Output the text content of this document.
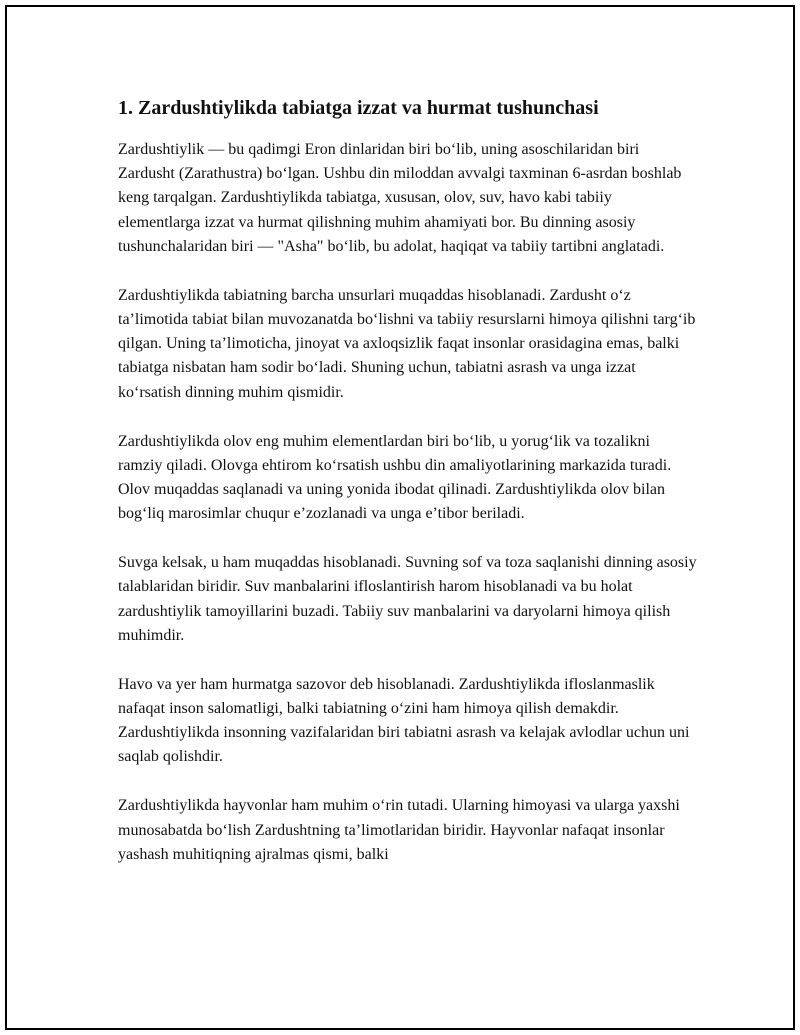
1. Zardushtiylikda tabiatga izzat va hurmat tushunchasi

Zardushtiylik — bu qadimgi Eron dinlaridan biri bo‘lib, uning asoschilaridan biri Zardusht (Zarathustra) bo‘lgan. Ushbu din miloddan avvalgi taxminan 6-asrdan boshlab keng tarqalgan. Zardushtiylikda tabiatga, xususan, olov, suv, havo kabi tabiiy elementlarga izzat va hurmat qilishning muhim ahamiyati bor. Bu dinning asosiy tushunchalaridan biri — "Asha" bo‘lib, bu adolat, haqiqat va tabiiy tartibni anglatadi.

Zardushtiylikda tabiatning barcha unsurlari muqaddas hisoblanadi. Zardusht o‘z ta’limotida tabiat bilan muvozanatda bo‘lishni va tabiiy resurslarni himoya qilishni targ‘ib qilgan. Uning ta’limoticha, jinoyat va axloqsizlik faqat insonlar orasidagina emas, balki tabiatga nisbatan ham sodir bo‘ladi. Shuning uchun, tabiatni asrash va unga izzat ko‘rsatish dinning muhim qismidir.

Zardushtiylikda olov eng muhim elementlardan biri bo‘lib, u yorug‘lik va tozalikni ramziy qiladi. Olovga ehtirom ko‘rsatish ushbu din amaliyotlarining markazida turadi. Olov muqaddas saqlanadi va uning yonida ibodat qilinadi. Zardushtiylikda olov bilan bog‘liq marosimlar chuqur e’zozlanadi va unga e’tibor beriladi.

Suvga kelsak, u ham muqaddas hisoblanadi. Suvning sof va toza saqlanishi dinning asosiy talablaridan biridir. Suv manbalarini ifloslantirish harom hisoblanadi va bu holat zardushtiylik tamoyillarini buzadi. Tabiiy suv manbalarini va daryolarni himoya qilish muhimdir.

Havo va yer ham hurmatga sazovor deb hisoblanadi. Zardushtiylikda ifloslanmaslik nafaqat inson salomatligi, balki tabiatning o‘zini ham himoya qilish demakdir. Zardushtiylikda insonning vazifalaridan biri tabiatni asrash va kelajak avlodlar uchun uni saqlab qolishdir.

Zardushtiylikda hayvonlar ham muhim o‘rin tutadi. Ularning himoyasi va ularga yaxshi munosabatda bo‘lish Zardushtning ta’limotlaridan biridir. Hayvonlar nafaqat insonlar yashash muhitiqning ajralmas qismi, balki
